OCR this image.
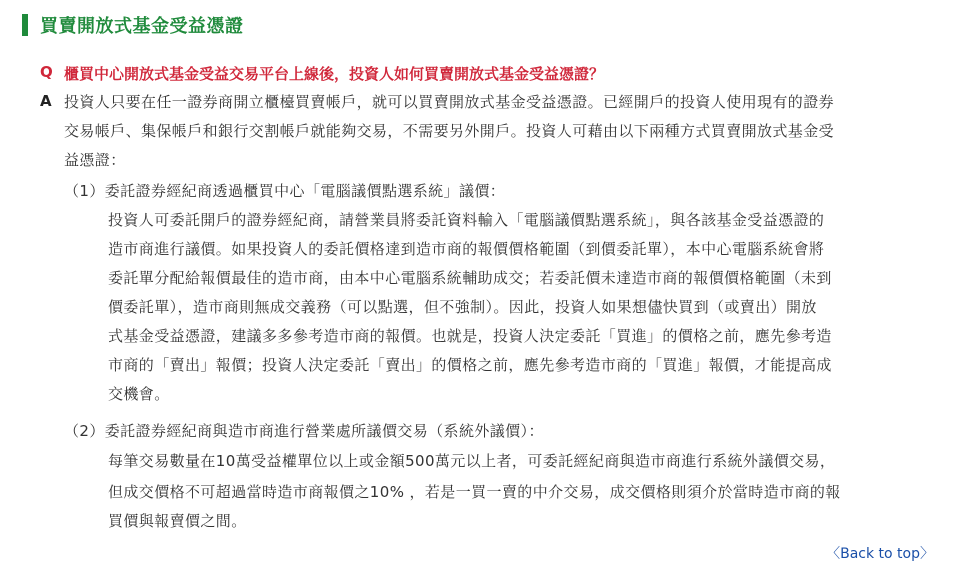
買賣開放式基金受益憑證
Q 櫃買中心開放式基金受益交易平台上線後，投資人如何買賣開放式基金受益憑證？
A 投資人只要在任一證券商開立櫃檯買賣帳戶，就可以買賣開放式基金受益憑證。已經開戶的投資人使用現有的證券
交易帳戶、集保帳戶和銀行交割帳戶就能夠交易，不需要另外開戶。投資人可藉由以下兩種方式買賣開放式基金受
益憑證：
（1）委託證券經紀商透過櫃買中心「電腦議價點選系統」議價：
投資人可委託開戶的證券經紀商，請營業員將委託資料輸入「電腦議價點選系統」，與各該基金受益憑證的
造市商進行議價。如果投資人的委託價格達到造市商的報價價格範圍（到價委託單），本中心電腦系統會將
委託單分配給報價最佳的造市商，由本中心電腦系統輔助成交；若委託價未達造市商的報價價格範圍（未到
價委託單），造市商則無成交義務（可以點選，但不強制）。因此，投資人如果想儘快買到（或賣出）開放
式基金受益憑證，建議多多參考造市商的報價。也就是，投資人決定委託「買進」的價格之前，應先參考造
市商的「賣出」報價；投資人決定委託「賣出」的價格之前，應先參考造市商的「買進」報價，才能提高成
交機會。
（2）委託證券經紀商與造市商進行營業處所議價交易（系統外議價）：
每筆交易數量在10萬受益權單位以上或金額500萬元以上者，可委託經紀商與造市商進行系統外議價交易，
但成交價格不可超過當時造市商報價之10% ，若是一買一賣的中介交易，成交價格則須介於當時造市商的報
買價與報賣價之間。
〈Back to top〉
